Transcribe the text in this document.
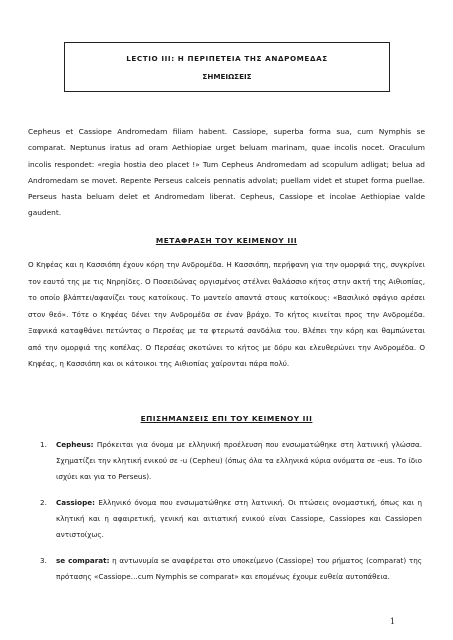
LECTIO III: Η ΠΕΡΙΠΕΤΕΙΑ ΤΗΣ ΑΝΔΡΟΜΕΔΑΣ
ΣΗΜΕΙΩΣΕΙΣ
Cepheus et Cassiope Andromedam filiam habent. Cassiope, superba forma sua, cum Nymphis se comparat. Neptunus iratus ad oram Aethiopiae urget beluam marinam, quae incolis nocet. Oraculum incolis respondet: «regia hostia deo placet !» Tum Cepheus Andromedam ad scopulum adligat; belua ad Andromedam se movet. Repente Perseus calceis pennatis advolat; puellam videt et stupet forma puellae. Perseus hasta beluam delet et Andromedam liberat. Cepheus, Cassiope et incolae Aethiopiae valde gaudent.
ΜΕΤΑΦΡΑΣΗ ΤΟΥ ΚΕΙΜΕΝΟΥ III
Ο Κηφέας και η Κασσιόπη έχουν κόρη την Ανδρομέδα. Η Κασσιόπη, περήφανη για την ομορφιά της, συγκρίνει τον εαυτό της με τις Νηρηίδες. Ο Ποσειδώνας οργισμένος στέλνει θαλάσσιο κήτος στην ακτή της Αιθιοπίας, το οποίο βλάπτει/αφανίζει τους κατοίκους. Το μαντείο απαντά στους κατοίκους: «Βασιλικό σφάγιο αρέσει στον θεό». Τότε ο Κηφέας δένει την Ανδρομέδα σε έναν βράχο. Το κήτος κινείται προς την Ανδρομέδα. Ξαφνικά καταφθάνει πετώντας ο Περσέας με τα φτερωτά σανδάλια του. Βλέπει την κόρη και θαμπώνεται από την ομορφιά της κοπέλας. Ο Περσέας σκοτώνει το κήτος με δόρυ και ελευθερώνει την Ανδρομέδα. Ο Κηφέας, η Κασσιόπη και οι κάτοικοι της Αιθιοπίας χαίρονται πάρα πολύ.
ΕΠΙΣΗΜΑΝΣΕΙΣ ΕΠΙ ΤΟΥ ΚΕΙΜΕΝΟΥ III
1.	Cepheus: Πρόκειται για όνομα με ελληνική προέλευση που ενσωματώθηκε στη λατινική γλώσσα. Σχηματίζει την κλητική ενικού σε -u (Cepheu) (όπως όλα τα ελληνικά κύρια ονόματα σε -eus. Το ίδιο ισχύει και για το Perseus).
2.	Cassiope: Ελληνικό όνομα που ενσωματώθηκε στη λατινική. Οι πτώσεις ονομαστική, όπως και η κλητική και η αφαιρετική, γενική και αιτιατική ενικού είναι Cassiope, Cassiopes και Cassiopen αντιστοίχως.
3.	se comparat: η αντωνυμία se αναφέρεται στο υποκείμενο (Cassiope) του ρήματος (comparat) της πρότασης «Cassiope…cum Nymphis se comparat» και επομένως έχουμε ευθεία αυτοπάθεια.
1
